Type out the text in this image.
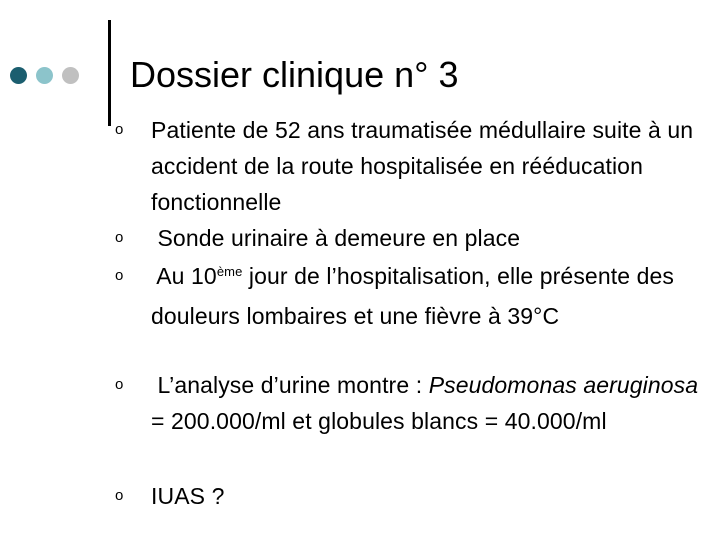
Dossier clinique n° 3
o	Patiente de 52 ans traumatisée médullaire suite à un accident de la route hospitalisée en rééducation fonctionnelle
o	Sonde urinaire à demeure en place
o	Au 10ème jour de l’hospitalisation, elle présente des douleurs lombaires et une fièvre à 39°C
o	L’analyse d’urine montre : Pseudomonas aeruginosa = 200.000/ml et globules blancs = 40.000/ml
o	IUAS ?
